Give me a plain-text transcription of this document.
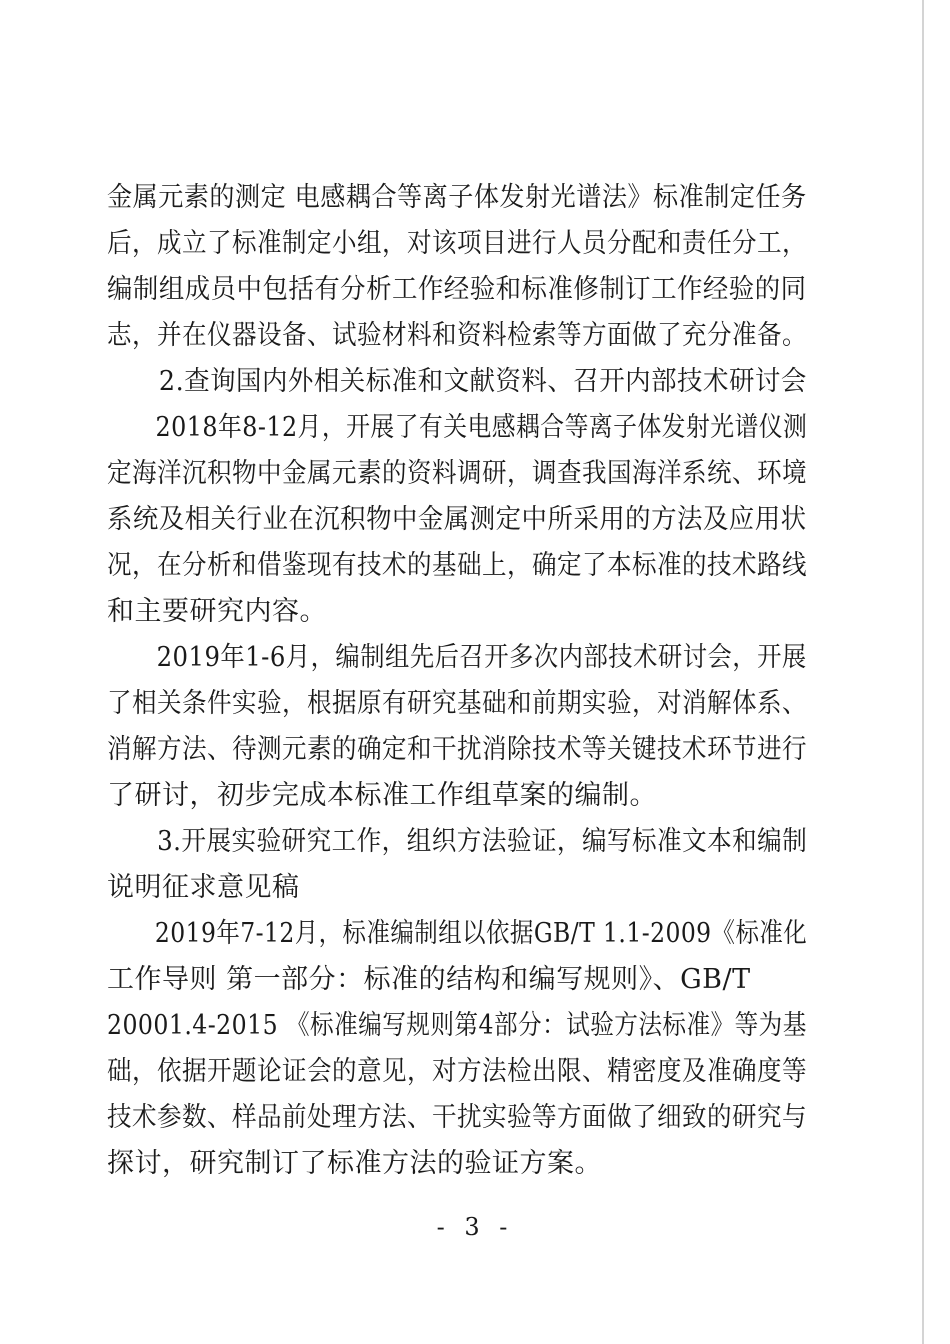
金属元素的测定 电感耦合等离子体发射光谱法》标准制定任务
后，成立了标准制定小组，对该项目进行人员分配和责任分工，
编制组成员中包括有分析工作经验和标准修制订工作经验的同
志，并在仪器设备、试验材料和资料检索等方面做了充分准备。
　　2.查询国内外相关标准和文献资料、召开内部技术研讨会
　　2018年8-12月，开展了有关电感耦合等离子体发射光谱仪测
定海洋沉积物中金属元素的资料调研，调查我国海洋系统、环境
系统及相关行业在沉积物中金属测定中所采用的方法及应用状
况，在分析和借鉴现有技术的基础上，确定了本标准的技术路线
和主要研究内容。
　　2019年1-6月，编制组先后召开多次内部技术研讨会，开展
了相关条件实验，根据原有研究基础和前期实验，对消解体系、
消解方法、待测元素的确定和干扰消除技术等关键技术环节进行
了研讨，初步完成本标准工作组草案的编制。
　　3.开展实验研究工作，组织方法验证，编写标准文本和编制
说明征求意见稿
　　2019年7-12月，标准编制组以依据GB/T 1.1-2009《标准化
工作导则 第一部分：标准的结构和编写规则》、GB/T
20001.4-2015 《标准编写规则第4部分：试验方法标准》等为基
础，依据开题论证会的意见，对方法检出限、精密度及准确度等
技术参数、样品前处理方法、干扰实验等方面做了细致的研究与
探讨，研究制订了标准方法的验证方案。
- 3 -
